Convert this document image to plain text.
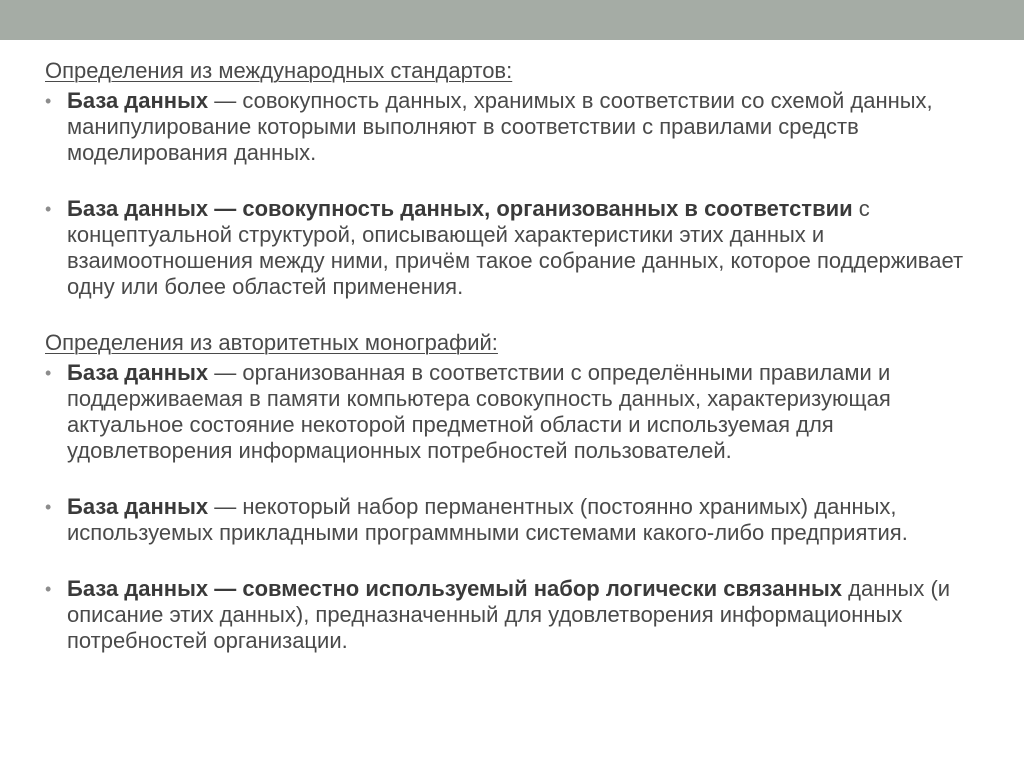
Определения из международных стандартов:

• База данных — совокупность данных, хранимых в соответствии со схемой данных, манипулирование которыми выполняют в соответствии с правилами средств моделирования данных.
• База данных — совокупность данных, организованных в соответствии с концептуальной структурой, описывающей характеристики этих данных и взаимоотношения между ними, причём такое собрание данных, которое поддерживает одну или более областей применения.

Определения из авторитетных монографий:

• База данных — организованная в соответствии с определёнными правилами и поддерживаемая в памяти компьютера совокупность данных, характеризующая актуальное состояние некоторой предметной области и используемая для удовлетворения информационных потребностей пользователей.
• База данных — некоторый набор перманентных (постоянно хранимых) данных, используемых прикладными программными системами какого-либо предприятия.
• База данных — совместно используемый набор логически связанных данных (и описание этих данных), предназначенный для удовлетворения информационных потребностей организации.
